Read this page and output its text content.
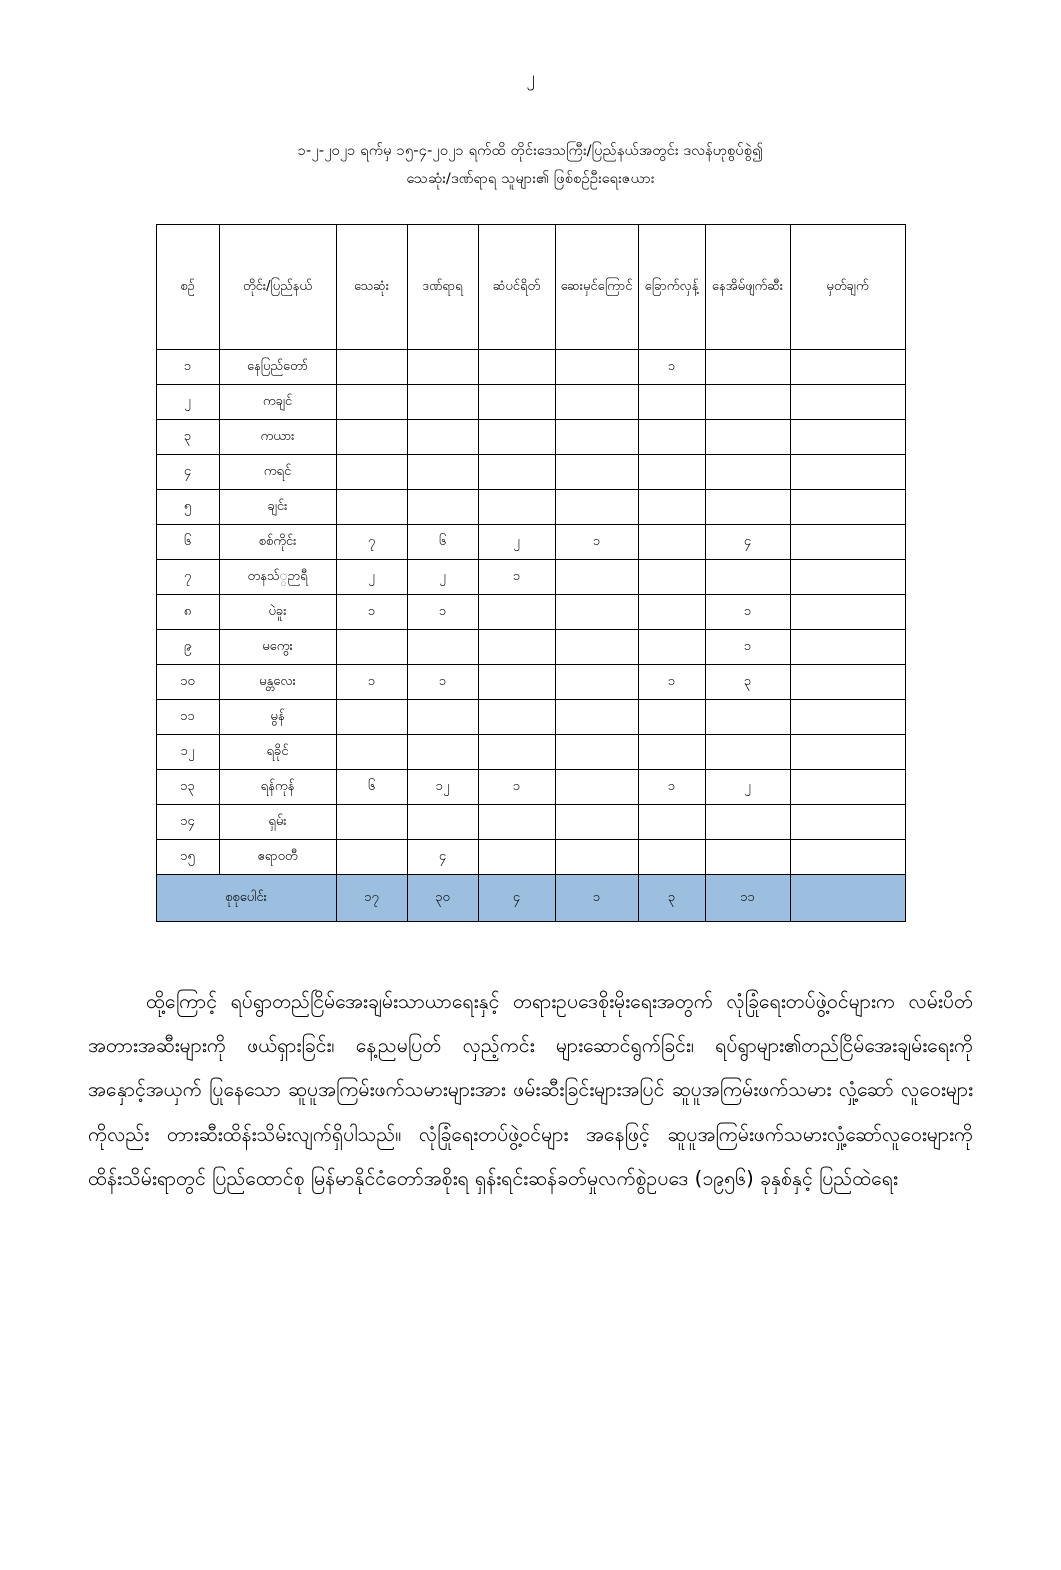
၂
၁-၂-၂၀၂၁ ရက်မှ ၁၅-၄-၂၀၂၁ ရက်ထိ တိုင်းဒေသကြီး/ပြည်နယ်အတွင်း ဒလန်ဟုစွပ်စွဲ၍
သေဆုံး/ဒဏ်ရာရ သူများ၏ ဖြစ်စဉ်ဦးရေးဇယား
စဉ်	တိုင်း/ပြည်နယ်	သေဆုံး	ဒဏ်ရာရ	ဆံပင်ရိတ်	ဆေးမှင်ကြောင်	ခြောက်လှန့်	နေအိမ်ဖျက်ဆီး	မှတ်ချက်
၁	နေပြည်တော်					၁		
၂	ကချင်							
၃	ကယား							
၄	ကရင်							
၅	ချင်း							
၆	စစ်ကိုင်း	၇	၆	၂	၁		၄	
၇	တနသ်္ဉာရီ	၂	၂	၁				
၈	ပဲခူး	၁	၁				၁	
၉	မကွေး						၁	
၁၀	မန္တလေး	၁	၁			၁	၃	
၁၁	မွန်							
၁၂	ရခိုင်							
၁၃	ရန်ကုန်	၆	၁၂	၁		၁	၂	
၁၄	ရှမ်း							
၁၅	ဧရာဝတီ		၄					
စုစုပေါင်း		၁၇	၃၀	၄	၁	၃	၁၁	

ထို့ကြောင့် ရပ်ရွာတည်ငြိမ်အေးချမ်းသာယာရေးနှင့် တရားဥပဒေစိုးမိုးရေးအတွက် လုံခြုံရေးတပ်ဖွဲ့ဝင်များက လမ်းပိတ်အတားအဆီးများကို ဖယ်ရှားခြင်း၊ နေ့ညမပြတ် လှည့်ကင်း များဆောင်ရွက်ခြင်း၊ ရပ်ရွာများ၏တည်ငြိမ်အေးချမ်းရေးကို အနှောင့်အယှက် ပြုနေသော ဆူပူအကြမ်းဖက်သမားများအား ဖမ်းဆီးခြင်းများအပြင် ဆူပူအကြမ်းဖက်သမား လှုံ့ဆော် လူဝေးများကိုလည်း တားဆီးထိန်းသိမ်းလျက်ရှိပါသည်။ လုံခြုံရေးတပ်ဖွဲ့ဝင်များ အနေဖြင့် ဆူပူအကြမ်းဖက်သမားလှုံ့ဆော်လူဝေးများကို ထိန်းသိမ်းရာတွင် ပြည်ထောင်စု မြန်မာနိုင်ငံတော်အစိုးရ ရှန်းရင်းဆန်ခတ်မှုလက်စွဲဥပဒေ (၁၉၅၆) ခုနှစ်နှင့် ပြည်ထဲရေး
